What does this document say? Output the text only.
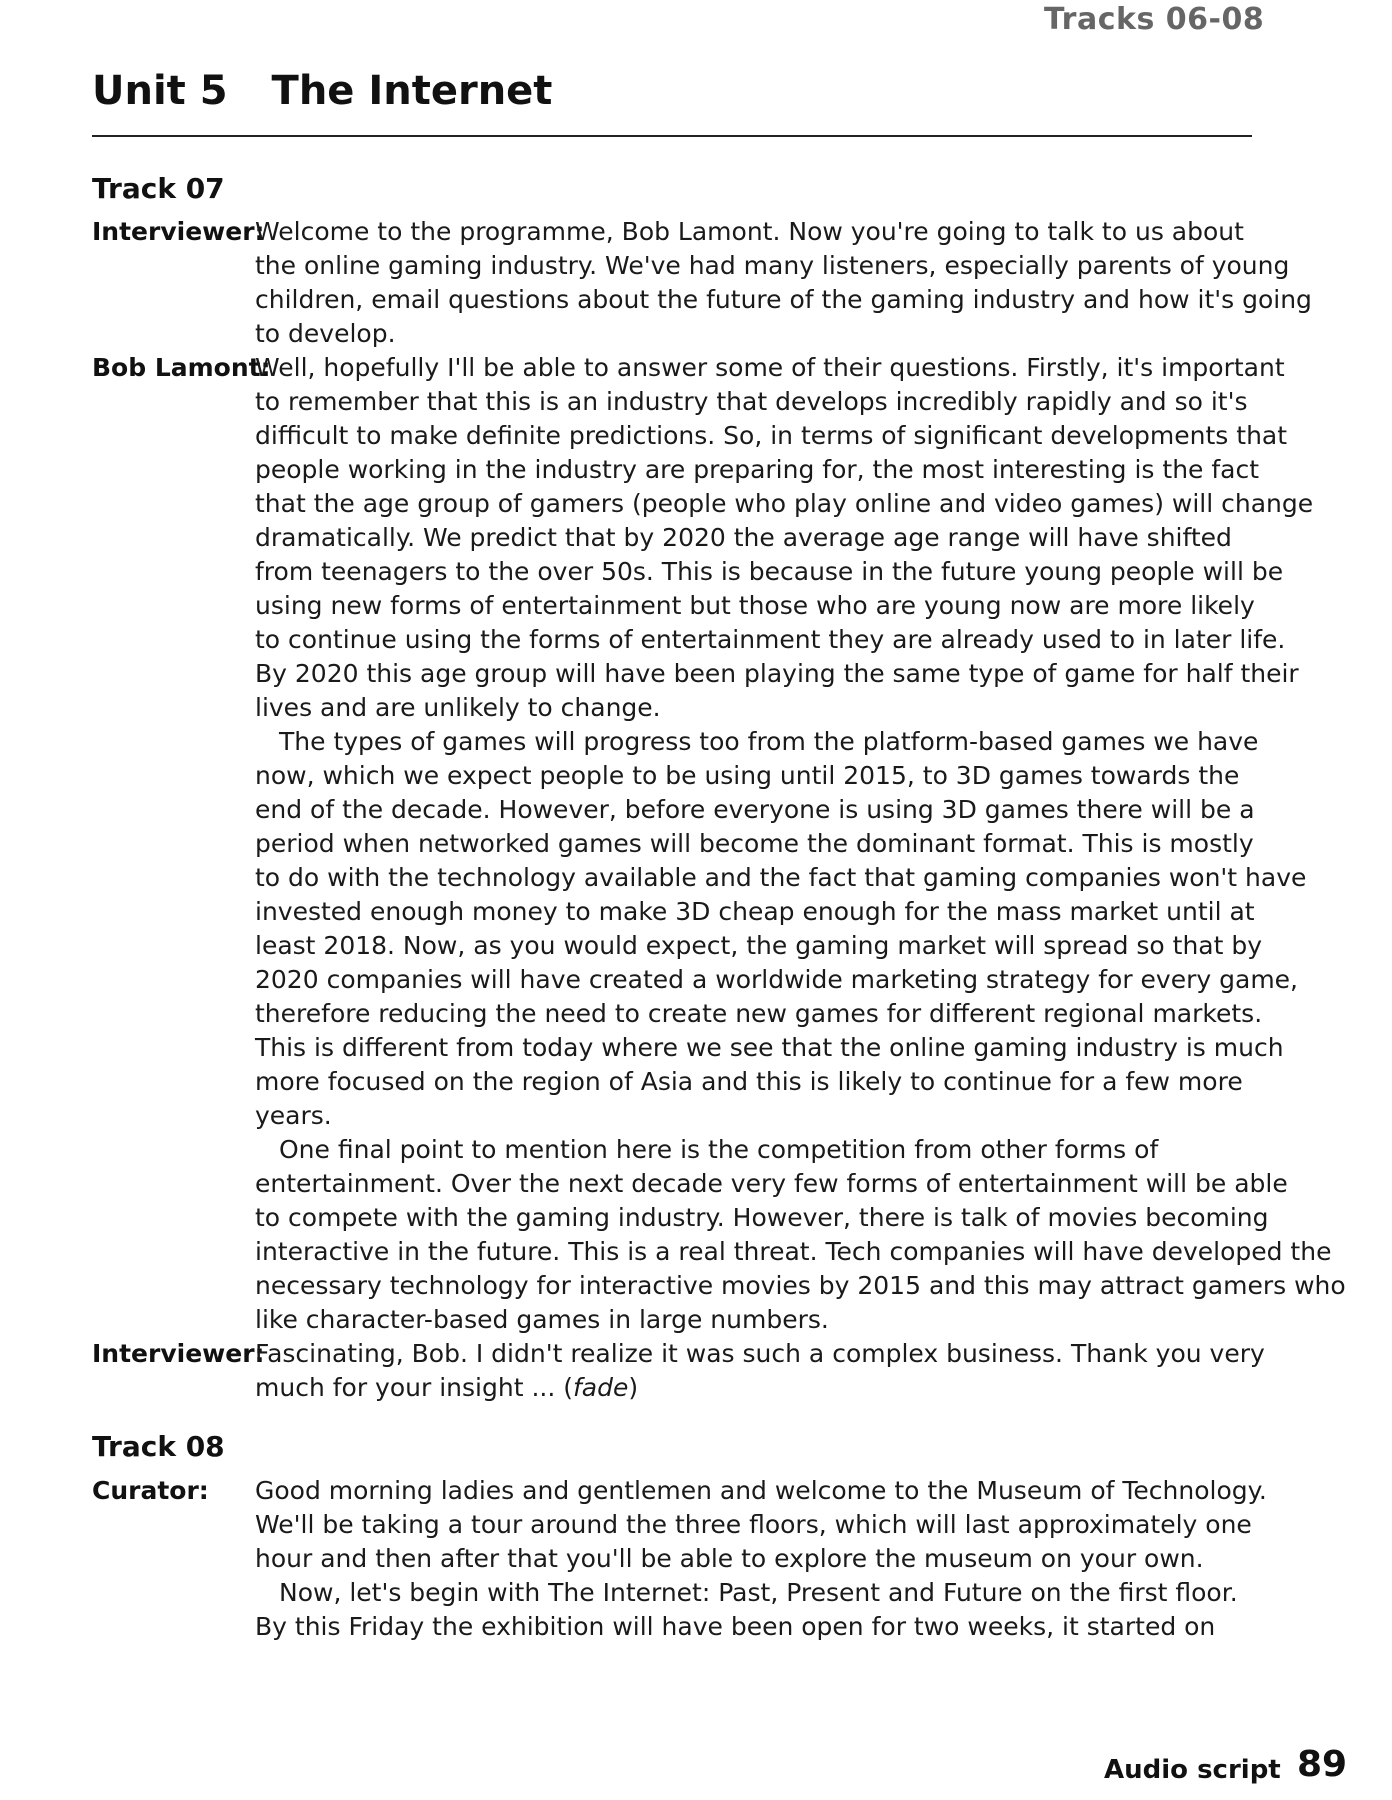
Tracks 06-08
Unit 5 The Internet
Track 07
Interviewer:
Welcome to the programme, Bob Lamont. Now you're going to talk to us about
the online gaming industry. We've had many listeners, especially parents of young
children, email questions about the future of the gaming industry and how it's going
to develop.
Bob Lamont:
Well, hopefully I'll be able to answer some of their questions. Firstly, it's important
to remember that this is an industry that develops incredibly rapidly and so it's
difficult to make definite predictions. So, in terms of significant developments that
people working in the industry are preparing for, the most interesting is the fact
that the age group of gamers (people who play online and video games) will change
dramatically. We predict that by 2020 the average age range will have shifted
from teenagers to the over 50s. This is because in the future young people will be
using new forms of entertainment but those who are young now are more likely
to continue using the forms of entertainment they are already used to in later life.
By 2020 this age group will have been playing the same type of game for half their
lives and are unlikely to change.
The types of games will progress too from the platform-based games we have
now, which we expect people to be using until 2015, to 3D games towards the
end of the decade. However, before everyone is using 3D games there will be a
period when networked games will become the dominant format. This is mostly
to do with the technology available and the fact that gaming companies won't have
invested enough money to make 3D cheap enough for the mass market until at
least 2018. Now, as you would expect, the gaming market will spread so that by
2020 companies will have created a worldwide marketing strategy for every game,
therefore reducing the need to create new games for different regional markets.
This is different from today where we see that the online gaming industry is much
more focused on the region of Asia and this is likely to continue for a few more
years.
One final point to mention here is the competition from other forms of
entertainment. Over the next decade very few forms of entertainment will be able
to compete with the gaming industry. However, there is talk of movies becoming
interactive in the future. This is a real threat. Tech companies will have developed the
necessary technology for interactive movies by 2015 and this may attract gamers who
like character-based games in large numbers.
Interviewer:
Fascinating, Bob. I didn't realize it was such a complex business. Thank you very
much for your insight ... (fade)
Track 08
Curator: Good morning ladies and gentlemen and welcome to the Museum of Technology.
We'll be taking a tour around the three floors, which will last approximately one
hour and then after that you'll be able to explore the museum on your own.
Now, let's begin with The Internet: Past, Present and Future on the first floor.
By this Friday the exhibition will have been open for two weeks, it started on
Audio script 89
